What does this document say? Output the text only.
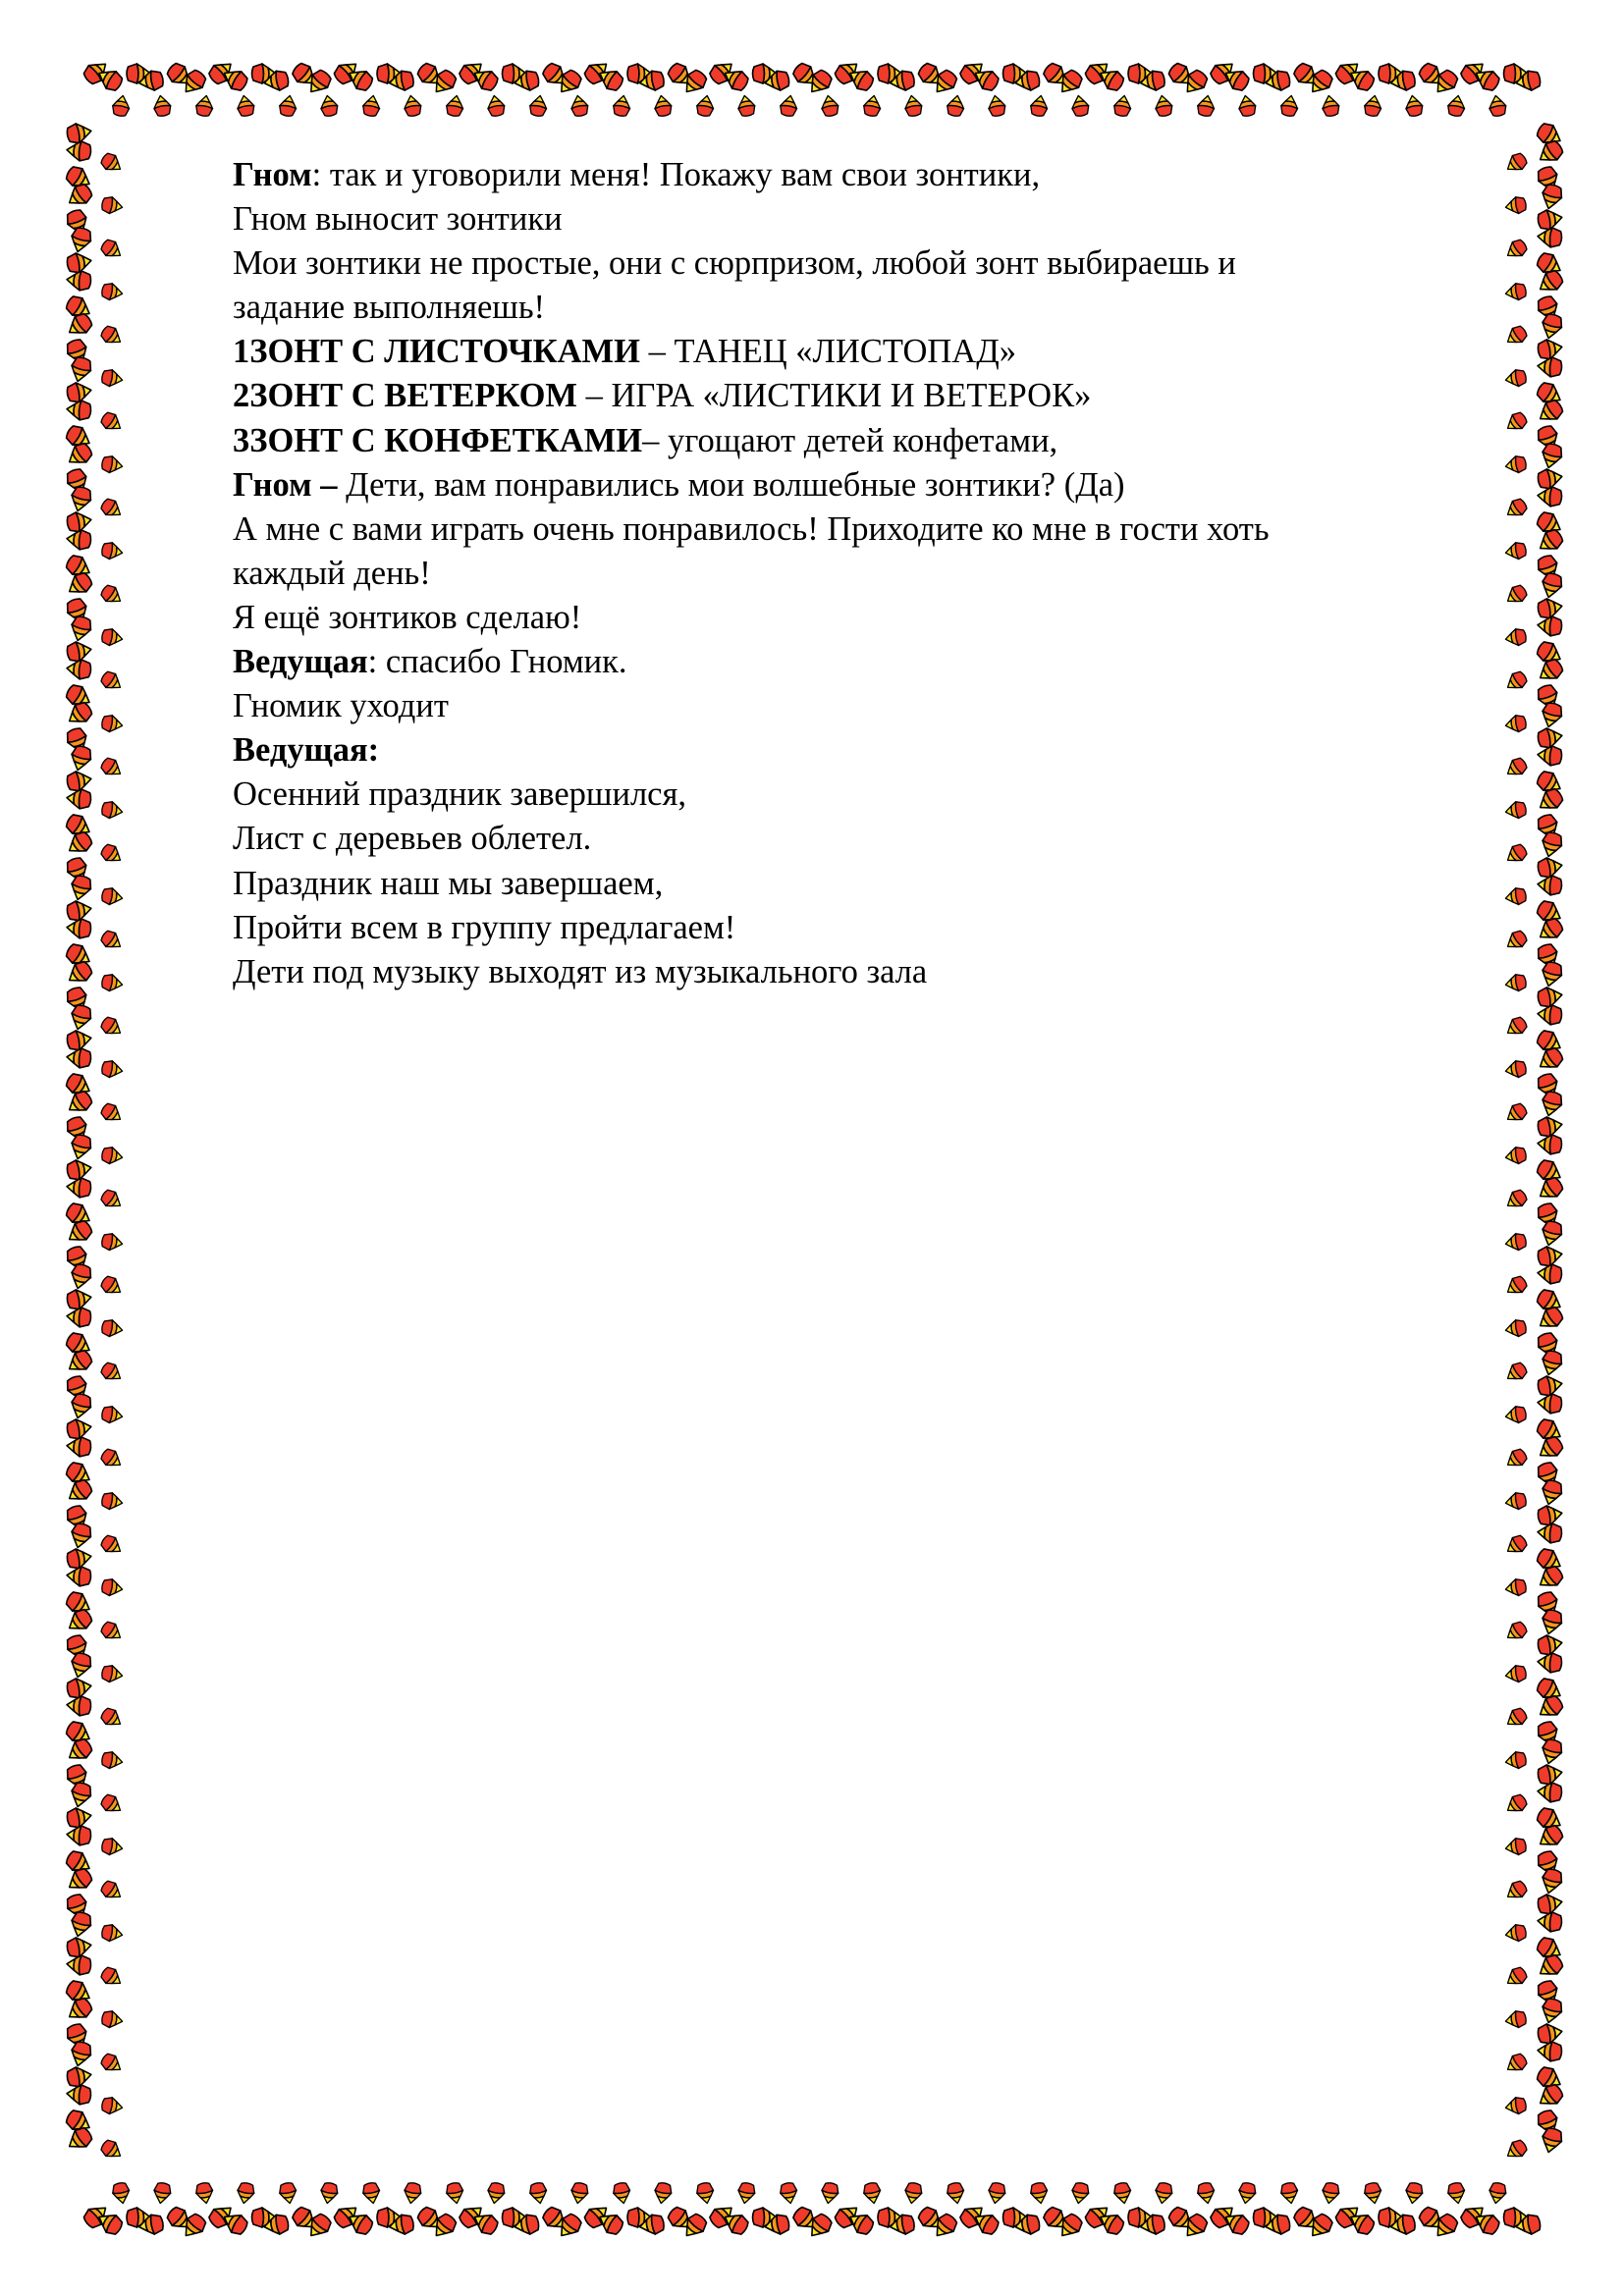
Гном: так и уговорили меня! Покажу вам свои зонтики,
Гном выносит зонтики
Мои зонтики не простые, они с сюрпризом, любой зонт выбираешь и
задание выполняешь!
1ЗОНТ С ЛИСТОЧКАМИ – ТАНЕЦ «ЛИСТОПАД»
2ЗОНТ С ВЕТЕРКОМ – ИГРА «ЛИСТИКИ И ВЕТЕРОК»
3ЗОНТ С КОНФЕТКАМИ– угощают детей конфетами,
Гном – Дети, вам понравились мои волшебные зонтики? (Да)
А мне с вами играть очень понравилось! Приходите ко мне в гости хоть
каждый день!
Я ещё зонтиков сделаю!
Ведущая: спасибо Гномик.
Гномик уходит
Ведущая:
Осенний праздник завершился,
Лист с деревьев облетел.
Праздник наш мы завершаем,
Пройти всем в группу предлагаем!
Дети под музыку выходят из музыкального зала
